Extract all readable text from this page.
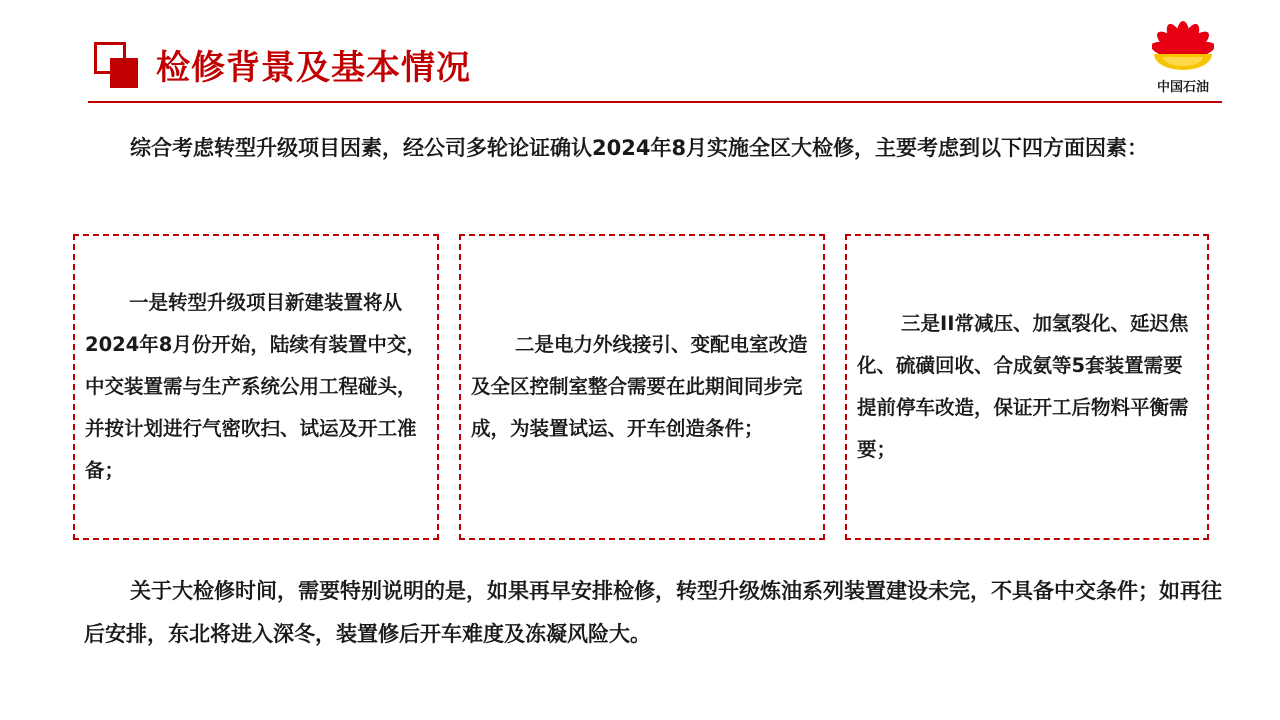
检修背景及基本情况	中国石油

综合考虑转型升级项目因素，经公司多轮论证确认2024年8月实施全区大检修，主要考虑到以下四方面因素：

一是转型升级项目新建装置将从2024年8月份开始，陆续有装置中交，中交装置需与生产系统公用工程碰头，并按计划进行气密吹扫、试运及开工准备；

二是电力外线接引、变配电室改造及全区控制室整合需要在此期间同步完成，为装置试运、开车创造条件；

三是II常减压、加氢裂化、延迟焦化、硫磺回收、合成氨等5套装置需要提前停车改造，保证开工后物料平衡需要；

关于大检修时间，需要特别说明的是，如果再早安排检修，转型升级炼油系列装置建设未完，不具备中交条件；如再往后安排，东北将进入深冬，装置修后开车难度及冻凝风险大。
